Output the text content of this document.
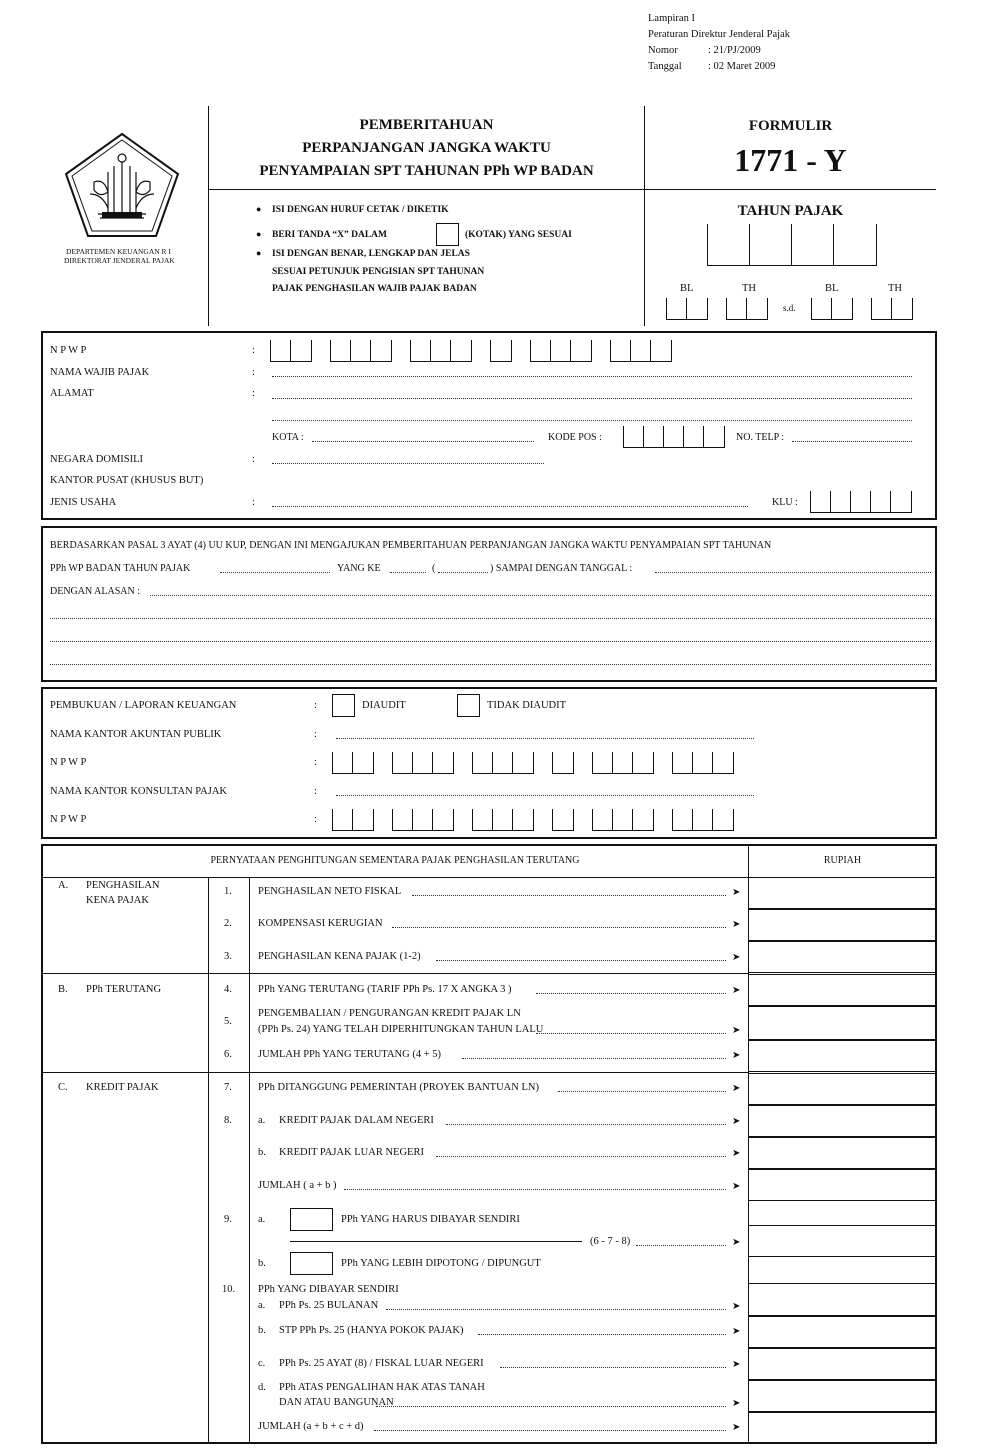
Lampiran I
Peraturan Direktur Jenderal Pajak
Nomor	: 21/PJ/2009
Tanggal	: 02 Maret 2009
DEPARTEMEN KEUANGAN R I
DIREKTORAT JENDERAL PAJAK
PEMBERITAHUAN
PERPANJANGAN JANGKA WAKTU
PENYAMPAIAN SPT TAHUNAN PPh WP BADAN
FORMULIR
1771 - Y
TAHUN PAJAK
BL	TH	BL	TH
s.d.
● ISI DENGAN HURUF CETAK / DIKETIK
● BERI TANDA “X” DALAM	(KOTAK) YANG SESUAI
● ISI DENGAN BENAR, LENGKAP DAN JELAS
SESUAI PETUNJUK PENGISIAN SPT TAHUNAN
PAJAK PENGHASILAN WAJIB PAJAK BADAN
N P W P	:
NAMA WAJIB PAJAK	:
ALAMAT	:
KOTA :	KODE POS :	NO. TELP :
NEGARA DOMISILI	:
KANTOR PUSAT (KHUSUS BUT)
JENIS USAHA	:	KLU :
BERDASARKAN PASAL 3 AYAT (4) UU KUP, DENGAN INI MENGAJUKAN PEMBERITAHUAN PERPANJANGAN JANGKA WAKTU PENYAMPAIAN SPT TAHUNAN
PPh WP BADAN TAHUN PAJAK	YANG KE	(	) SAMPAI DENGAN TANGGAL :
DENGAN ALASAN :
PEMBUKUAN / LAPORAN KEUANGAN	:	DIAUDIT	TIDAK DIAUDIT
NAMA KANTOR AKUNTAN PUBLIK	:
N P W P	:
NAMA KANTOR KONSULTAN PAJAK	:
N P W P	:
PERNYATAAN PENGHITUNGAN SEMENTARA PAJAK PENGHASILAN TERUTANG	RUPIAH
A. PENGHASILAN
KENA PAJAK
B. PPh TERUTANG
C. KREDIT PAJAK
1. PENGHASILAN NETO FISKAL	➤
2. KOMPENSASI KERUGIAN	➤
3. PENGHASILAN KENA PAJAK (1-2)	➤
4. PPh YANG TERUTANG (TARIF PPh Ps. 17 X ANGKA 3 )	➤
5.
PENGEMBALIAN / PENGURANGAN KREDIT PAJAK LN
(PPh Ps. 24) YANG TELAH DIPERHITUNGKAN TAHUN LALU	➤
6. JUMLAH PPh YANG TERUTANG (4 + 5)	➤
7. PPh DITANGGUNG PEMERINTAH (PROYEK BANTUAN LN)	➤
8. a. KREDIT PAJAK DALAM NEGERI	➤
b. KREDIT PAJAK LUAR NEGERI	➤
JUMLAH ( a + b )	➤
9. a.	PPh YANG HARUS DIBAYAR SENDIRI
(6 - 7 - 8)	➤
b.	PPh YANG LEBIH DIPOTONG / DIPUNGUT
10. PPh YANG DIBAYAR SENDIRI
a. PPh Ps. 25 BULANAN	➤
b. STP PPh Ps. 25 (HANYA POKOK PAJAK)	➤
c. PPh Ps. 25 AYAT (8) / FISKAL LUAR NEGERI	➤
d. PPh ATAS PENGALIHAN HAK ATAS TANAH
DAN ATAU BANGUNAN	➤
JUMLAH (a + b + c + d)	➤
